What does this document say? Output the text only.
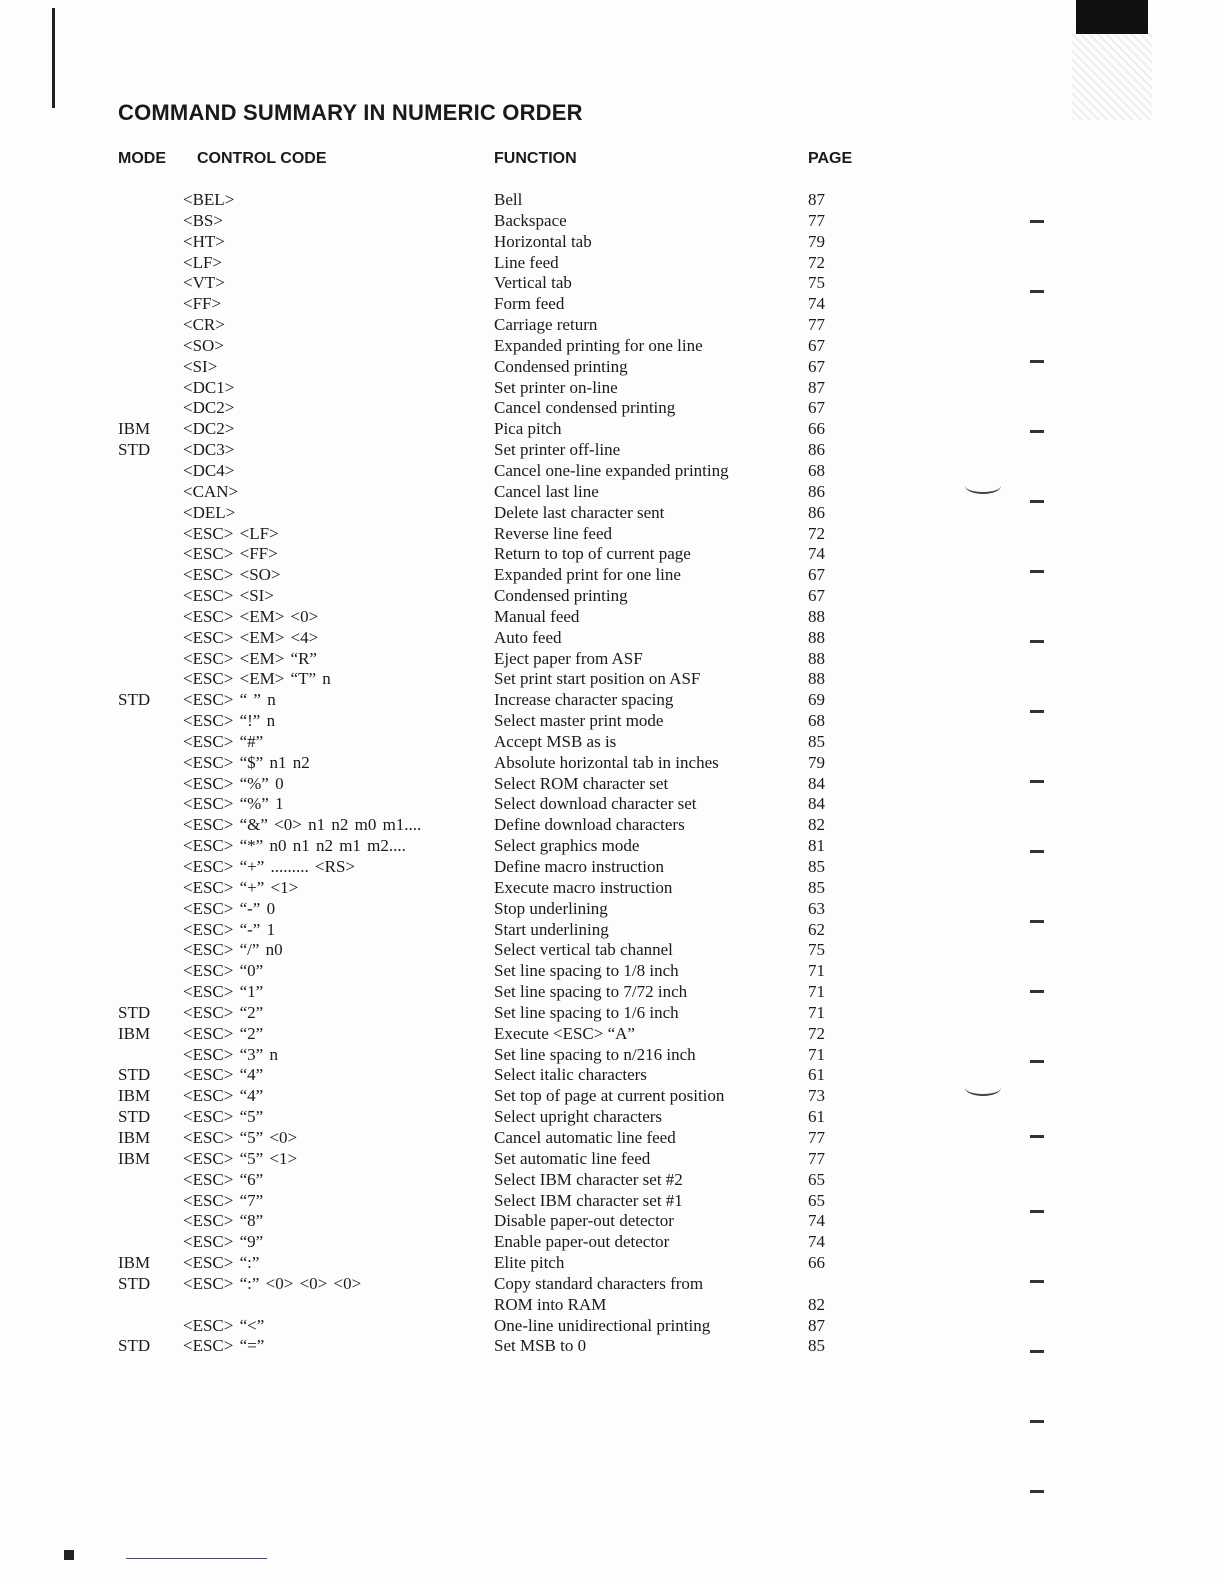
COMMAND SUMMARY IN NUMERIC ORDER
MODE CONTROL CODE	FUNCTION	PAGE
<BEL>	Bell	87
<BS>	Backspace	77
<HT>	Horizontal tab	79
<LF>	Line feed	72
<VT>	Vertical tab	75
<FF>	Form feed	74
<CR>	Carriage return	77
<SO>	Expanded printing for one line	67
<SI>	Condensed printing	67
<DC1>	Set printer on-line	87
<DC2>	Cancel condensed printing	67
IBM <DC2>	Pica pitch	66
STD <DC3>	Set printer off-line	86
<DC4>	Cancel one-line expanded printing	68
<CAN>	Cancel last line	86
<DEL>	Delete last character sent	86
<ESC> <LF>	Reverse line feed	72
<ESC> <FF>	Return to top of current page	74
<ESC> <SO>	Expanded print for one line	67
<ESC> <SI>	Condensed printing	67
<ESC> <EM> <0>	Manual feed	88
<ESC> <EM> <4>	Auto feed	88
<ESC> <EM> “R”	Eject paper from ASF	88
<ESC> <EM> “T” n	Set print start position on ASF	88
STD <ESC> “ ” n	Increase character spacing	69
<ESC> “!” n	Select master print mode	68
<ESC> “#”	Accept MSB as is	85
<ESC> “$” n1 n2	Absolute horizontal tab in inches	79
<ESC> “%” 0	Select ROM character set	84
<ESC> “%” 1	Select download character set	84
<ESC> “&” <0> n1 n2 m0 m1....	Define download characters	82
<ESC> “*” n0 n1 n2 m1 m2....	Select graphics mode	81
<ESC> “+” ......... <RS>	Define macro instruction	85
<ESC> “+” <1>	Execute macro instruction	85
<ESC> “-” 0	Stop underlining	63
<ESC> “-” 1	Start underlining	62
<ESC> “/” n0	Select vertical tab channel	75
<ESC> “0”	Set line spacing to 1/8 inch	71
<ESC> “1”	Set line spacing to 7/72 inch	71
STD <ESC> “2”	Set line spacing to 1/6 inch	71
IBM <ESC> “2”	Execute <ESC> “A”	72
<ESC> “3” n	Set line spacing to n/216 inch	71
STD <ESC> “4”	Select italic characters	61
IBM <ESC> “4”	Set top of page at current position	73
STD <ESC> “5”	Select upright characters	61
IBM <ESC> “5” <0>	Cancel automatic line feed	77
IBM <ESC> “5” <1>	Set automatic line feed	77
<ESC> “6”	Select IBM character set #2	65
<ESC> “7”	Select IBM character set #1	65
<ESC> “8”	Disable paper-out detector	74
<ESC> “9”	Enable paper-out detector	74
IBM <ESC> “:”	Elite pitch	66
STD <ESC> “:” <0> <0> <0>	Copy standard characters from
ROM into RAM	82
<ESC> “<”	One-line unidirectional printing	87
STD <ESC> “=”	Set MSB to 0	85
